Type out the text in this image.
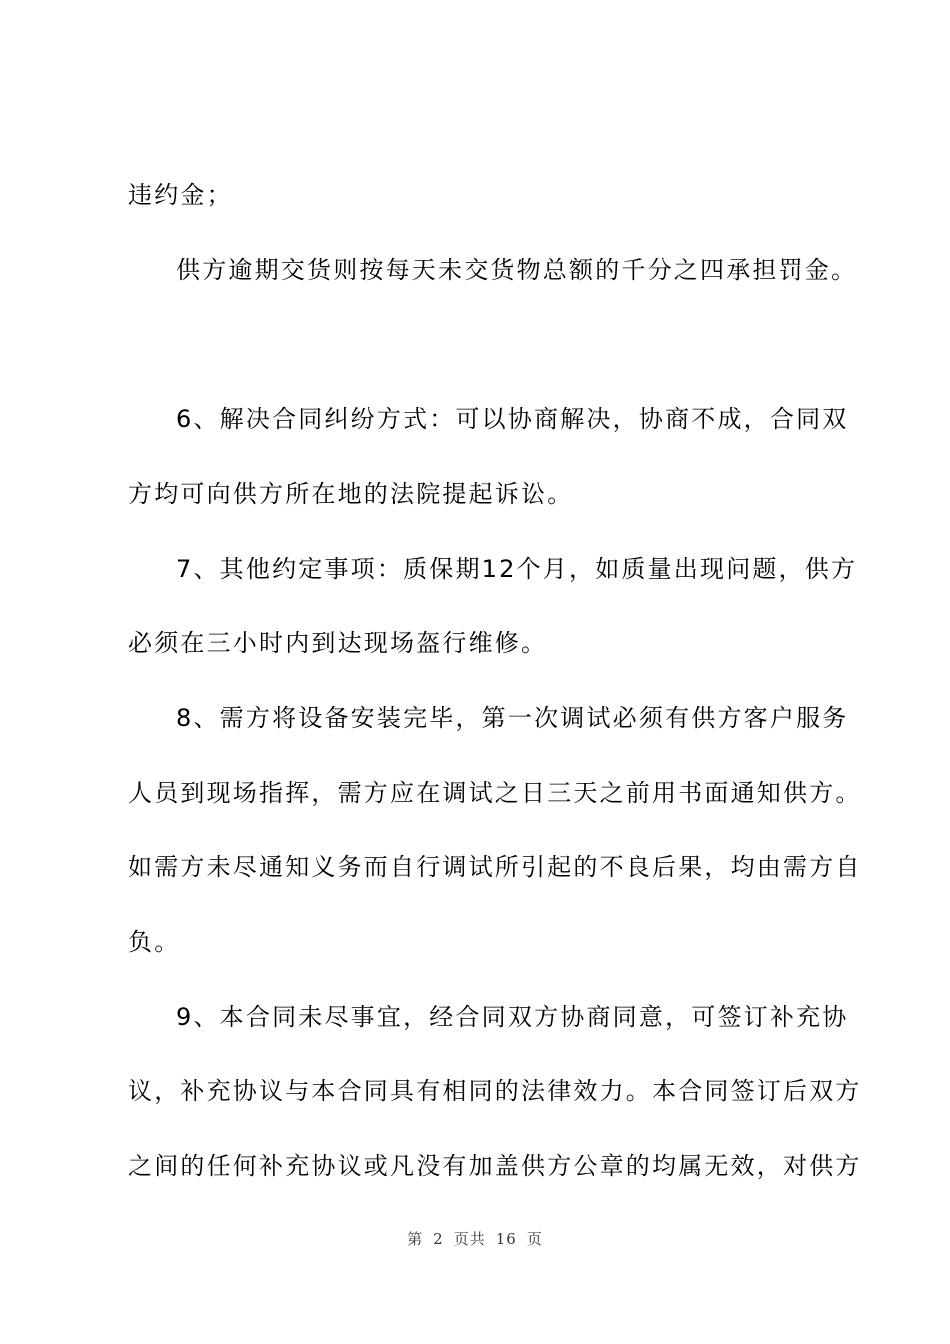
违约金；
供方逾期交货则按每天未交货物总额的千分之四承担罚金。
6、解决合同纠纷方式：可以协商解决，协商不成，合同双
方均可向供方所在地的法院提起诉讼。
7、其他约定事项：质保期12个月，如质量出现问题，供方
必须在三小时内到达现场盔行维修。
8、需方将设备安装完毕，第一次调试必须有供方客户服务
人员到现场指挥，需方应在调试之日三天之前用书面通知供方。
如需方未尽通知义务而自行调试所引起的不良后果，均由需方自
负。
9、本合同未尽事宜，经合同双方协商同意，可签订补充协
议，补充协议与本合同具有相同的法律效力。本合同签订后双方
之间的任何补充协议或凡没有加盖供方公章的均属无效，对供方
第 2 页共 16 页
